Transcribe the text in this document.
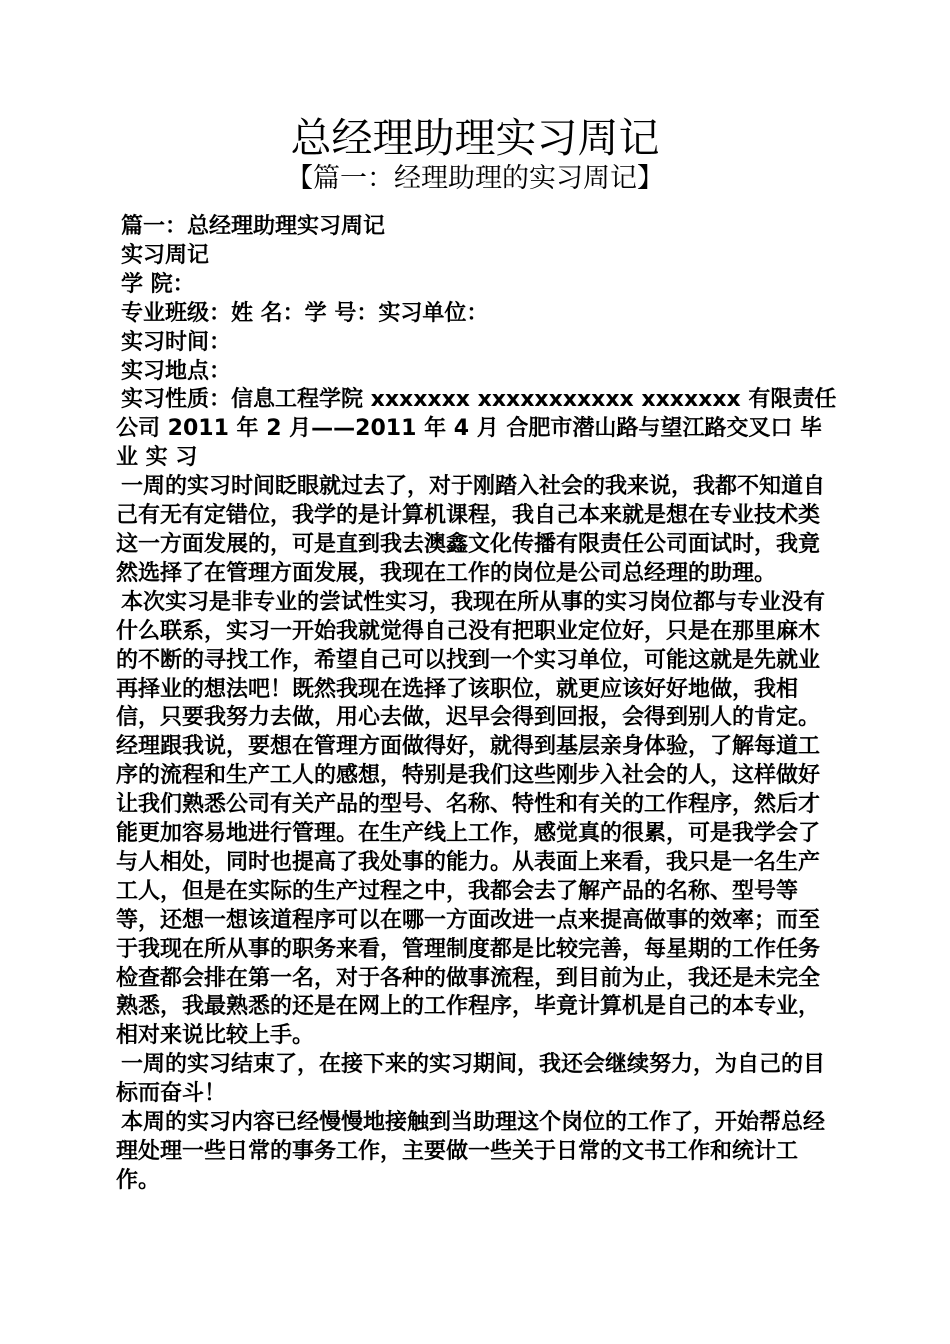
总经理助理实习周记
【篇一：经理助理的实习周记】
篇一：总经理助理实习周记
实习周记
学 院：
专业班级：姓 名：学 号：实习单位：
实习时间：
实习地点：
实习性质：信息工程学院 xxxxxxx xxxxxxxxxxx xxxxxxx 有限责任公司 2011 年 2 月——2011 年 4 月 合肥市潜山路与望江路交叉口 毕 业 实 习

一周的实习时间眨眼就过去了，对于刚踏入社会的我来说，我都不知道自己有无有定错位，我学的是计算机课程，我自己本来就是想在专业技术类这一方面发展的，可是直到我去澳鑫文化传播有限责任公司面试时，我竟然选择了在管理方面发展，我现在工作的岗位是公司总经理的助理。

本次实习是非专业的尝试性实习，我现在所从事的实习岗位都与专业没有什么联系，实习一开始我就觉得自己没有把职业定位好，只是在那里麻木的不断的寻找工作，希望自己可以找到一个实习单位，可能这就是先就业再择业的想法吧！既然我现在选择了该职位，就更应该好好地做，我相信，只要我努力去做，用心去做，迟早会得到回报，会得到别人的肯定。 经理跟我说，要想在管理方面做得好，就得到基层亲身体验，了解每道工序的流程和生产工人的感想，特别是我们这些刚步入社会的人，这样做好让我们熟悉公司有关产品的型号、名称、特性和有关的工作程序，然后才能更加容易地进行管理。在生产线上工作，感觉真的很累，可是我学会了与人相处，同时也提高了我处事的能力。从表面上来看，我只是一名生产工人，但是在实际的生产过程之中，我都会去了解产品的名称、型号等等，还想一想该道程序可以在哪一方面改进一点来提高做事的效率；而至于我现在所从事的职务来看，管理制度都是比较完善，每星期的工作任务检查都会排在第一名，对于各种的做事流程，到目前为止，我还是未完全熟悉，我最熟悉的还是在网上的工作程序，毕竟计算机是自己的本专业，相对来说比较上手。

一周的实习结束了，在接下来的实习期间，我还会继续努力，为自己的目标而奋斗！

本周的实习内容已经慢慢地接触到当助理这个岗位的工作了，开始帮总经理处理一些日常的事务工作，主要做一些关于日常的文书工作和统计工作。
